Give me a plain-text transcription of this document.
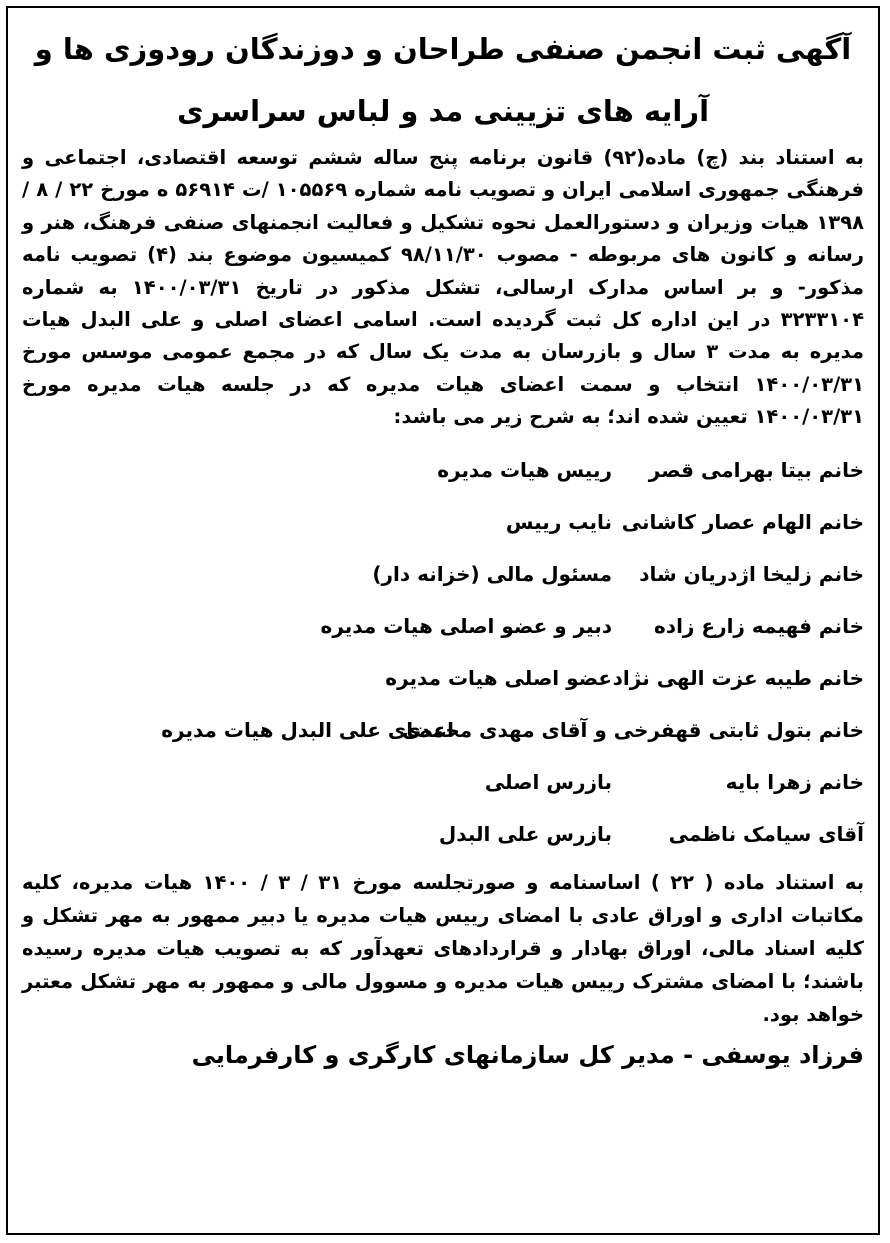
آگهی ثبت انجمن صنفی طراحان و دوزندگان رودوزی ها و
آرایه های تزیینی مد و لباس سراسری

به استناد بند (چ) ماده(۹۲) قانون برنامه پنج ساله ششم توسعه اقتصادی، اجتماعی و فرهنگی جمهوری اسلامی ایران و تصویب نامه شماره ۱۰۵۵۶۹ /ت ۵۶۹۱۴ ه مورخ ۲۲ / ۸ / ۱۳۹۸ هیات وزیران و دستورالعمل نحوه تشکیل و فعالیت انجمنهای صنفی فرهنگ، هنر و رسانه و کانون های مربوطه - مصوب ۹۸/۱۱/۳۰ کمیسیون موضوع بند (۴) تصویب نامه مذکور- و بر اساس مدارک ارسالی، تشکل مذکور در تاریخ ۱۴۰۰/۰۳/۳۱ به شماره ۳۲۳۳۱۰۴ در این اداره کل ثبت گردیده است. اسامی اعضای اصلی و علی البدل هیات مدیره به مدت ۳ سال و بازرسان به مدت یک سال که در مجمع عمومی موسس مورخ ۱۴۰۰/۰۳/۳۱ انتخاب و سمت اعضای هیات مدیره که در جلسه هیات مدیره مورخ ۱۴۰۰/۰۳/۳۱ تعیین شده اند؛ به شرح زیر می باشد:

خانم بیتا بهرامی قصر
رییس هیات مدیره
خانم الهام عصار کاشانی
نایب رییس
خانم زلیخا اژدریان شاد
مسئول مالی (خزانه دار)
خانم فهیمه زارع زاده
دبیر و عضو اصلی هیات مدیره
خانم طیبه عزت الهی نژاد
عضو اصلی هیات مدیره
خانم بتول ثابتی قهفرخی و آقای مهدی محمدی
اعضای علی البدل هیات مدیره
خانم زهرا بایه
بازرس اصلی
آقای سیامک ناظمی
بازرس علی البدل

به استناد ماده ( ۲۲ ) اساسنامه و صورتجلسه مورخ ۳۱ / ۳ / ۱۴۰۰ هیات مدیره، کلیه مکاتبات اداری و اوراق عادی با امضای رییس هیات مدیره یا دبیر ممهور به مهر تشکل و کلیه اسناد مالی، اوراق بهادار و قراردادهای تعهدآور که به تصویب هیات مدیره رسیده باشند؛ با امضای مشترک رییس هیات مدیره و مسوول مالی و ممهور به مهر تشکل معتبر خواهد بود.

فرزاد یوسفی - مدیر کل سازمانهای کارگری و کارفرمایی
